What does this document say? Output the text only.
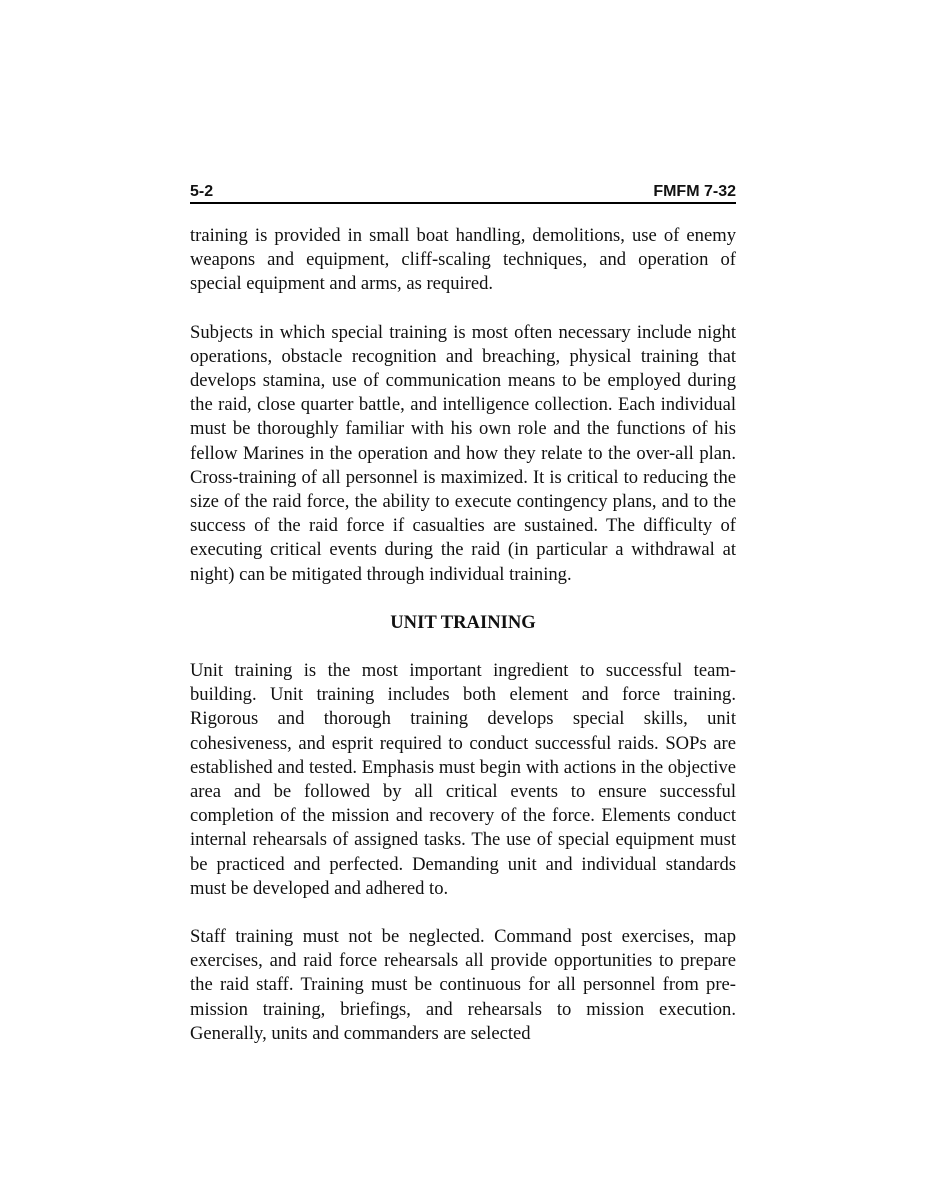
5-2	FMFM 7-32

training is provided in small boat handling, demolitions, use of enemy weapons and equipment, cliff-scaling techniques, and operation of special equipment and arms, as required.

Subjects in which special training is most often necessary include night operations, obstacle recognition and breaching, physical training that develops stamina, use of communication means to be employed during the raid, close quarter battle, and intelligence collection. Each individual must be thoroughly familiar with his own role and the functions of his fellow Marines in the operation and how they relate to the over-all plan. Cross-training of all personnel is maximized. It is critical to reducing the size of the raid force, the ability to execute contingency plans, and to the success of the raid force if casualties are sustained. The difficulty of executing critical events during the raid (in particular a withdrawal at night) can be mitigated through individual training.

UNIT TRAINING

Unit training is the most important ingredient to successful team-building. Unit training includes both element and force training. Rigorous and thorough training develops special skills, unit cohesiveness, and esprit required to conduct successful raids. SOPs are established and tested. Emphasis must begin with actions in the objective area and be followed by all critical events to ensure successful completion of the mission and recovery of the force. Elements conduct internal rehearsals of assigned tasks. The use of special equipment must be practiced and perfected. Demanding unit and individual standards must be developed and adhered to.

Staff training must not be neglected. Command post exercises, map exercises, and raid force rehearsals all provide opportunities to prepare the raid staff. Training must be continuous for all personnel from pre-mission training, briefings, and rehearsals to mission execution. Generally, units and commanders are selected
